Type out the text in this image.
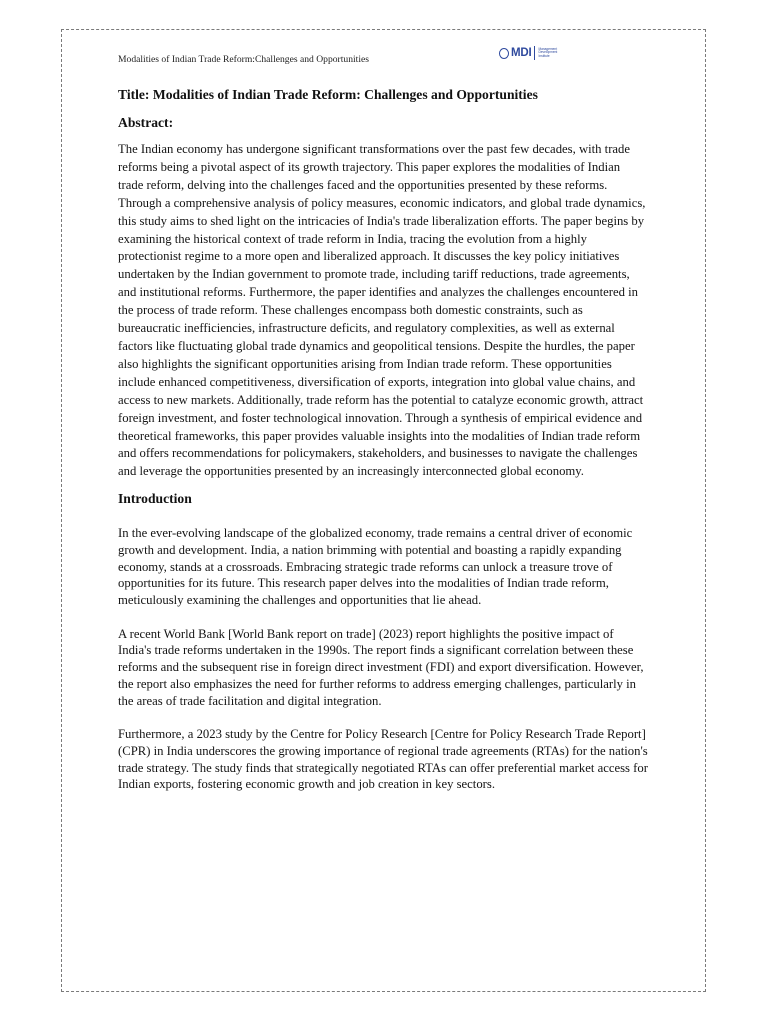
Modalities of Indian Trade Reform:Challenges and Opportunities
MDI Management
Development
Institute
Title: Modalities of Indian Trade Reform: Challenges and Opportunities
Abstract:

The Indian economy has undergone significant transformations over the past few decades, with trade reforms being a pivotal aspect of its growth trajectory. This paper explores the modalities of Indian trade reform, delving into the challenges faced and the opportunities presented by these reforms. Through a comprehensive analysis of policy measures, economic indicators, and global trade dynamics, this study aims to shed light on the intricacies of India's trade liberalization efforts. The paper begins by examining the historical context of trade reform in India, tracing the evolution from a highly protectionist regime to a more open and liberalized approach. It discusses the key policy initiatives undertaken by the Indian government to promote trade, including tariff reductions, trade agreements, and institutional reforms. Furthermore, the paper identifies and analyzes the challenges encountered in the process of trade reform. These challenges encompass both domestic constraints, such as bureaucratic inefficiencies, infrastructure deficits, and regulatory complexities, as well as external factors like fluctuating global trade dynamics and geopolitical tensions. Despite the hurdles, the paper also highlights the significant opportunities arising from Indian trade reform. These opportunities include enhanced competitiveness, diversification of exports, integration into global value chains, and access to new markets. Additionally, trade reform has the potential to catalyze economic growth, attract foreign investment, and foster technological innovation. Through a synthesis of empirical evidence and theoretical frameworks, this paper provides valuable insights into the modalities of Indian trade reform and offers recommendations for policymakers, stakeholders, and businesses to navigate the challenges and leverage the opportunities presented by an increasingly interconnected global economy.

Introduction

In the ever-evolving landscape of the globalized economy, trade remains a central driver of economic growth and development. India, a nation brimming with potential and boasting a rapidly expanding economy, stands at a crossroads. Embracing strategic trade reforms can unlock a treasure trove of opportunities for its future. This research paper delves into the modalities of Indian trade reform, meticulously examining the challenges and opportunities that lie ahead.

A recent World Bank [World Bank report on trade] (2023) report highlights the positive impact of India's trade reforms undertaken in the 1990s. The report finds a significant correlation between these reforms and the subsequent rise in foreign direct investment (FDI) and export diversification. However, the report also emphasizes the need for further reforms to address emerging challenges, particularly in the areas of trade facilitation and digital integration.

Furthermore, a 2023 study by the Centre for Policy Research [Centre for Policy Research Trade Report] (CPR) in India underscores the growing importance of regional trade agreements (RTAs) for the nation's trade strategy. The study finds that strategically negotiated RTAs can offer preferential market access for Indian exports, fostering economic growth and job creation in key sectors.
